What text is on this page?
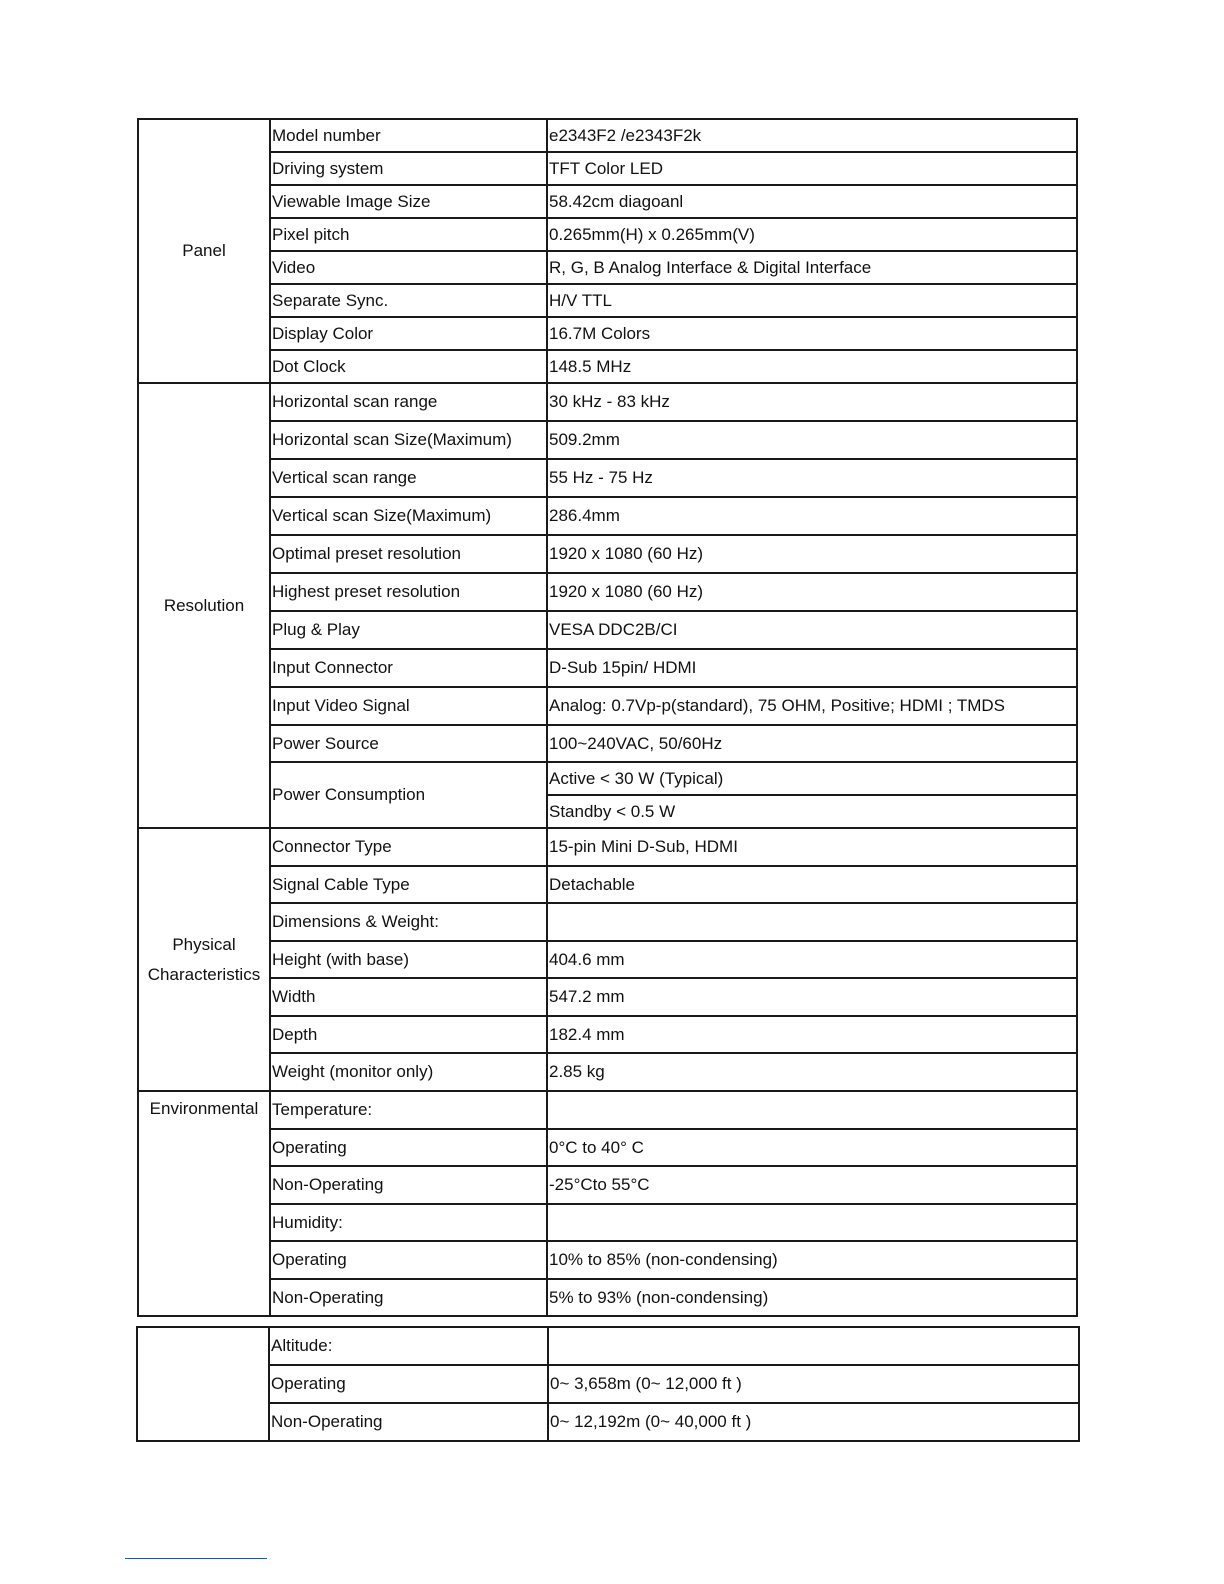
Panel	Model number	e2343F2 /e2343F2k
	Driving system	TFT Color LED
	Viewable Image Size	58.42cm diagoanl
	Pixel pitch	0.265mm(H) x 0.265mm(V)
	Video	R, G, B Analog Interface & Digital Interface
	Separate Sync.	H/V TTL
	Display Color	16.7M Colors
	Dot Clock	148.5 MHz
Resolution	Horizontal scan range	30 kHz - 83 kHz
	Horizontal scan Size(Maximum)	509.2mm
	Vertical scan range	55 Hz - 75 Hz
	Vertical scan Size(Maximum)	286.4mm
	Optimal preset resolution	1920 x 1080 (60 Hz)
	Highest preset resolution	1920 x 1080 (60 Hz)
	Plug & Play	VESA DDC2B/CI
	Input Connector	D-Sub 15pin/ HDMI
	Input Video Signal	Analog: 0.7Vp-p(standard), 75 OHM, Positive; HDMI ; TMDS
	Power Source	100~240VAC, 50/60Hz
	Power Consumption	Active < 30 W (Typical)
		Standby < 0.5 W
Physical
Characteristics	Connector Type	15-pin Mini D-Sub, HDMI
	Signal Cable Type	Detachable
	Dimensions & Weight:	
	Height (with base)	404.6 mm
	Width	547.2 mm
	Depth	182.4 mm
	Weight (monitor only)	2.85 kg
Environmental	Temperature:	
	Operating	0°C to 40° C
	Non-Operating	-25°Cto 55°C
	Humidity:	
	Operating	10% to 85% (non-condensing)
	Non-Operating	5% to 93% (non-condensing)
	Altitude:	
	Operating	0~ 3,658m (0~ 12,000 ft )
	Non-Operating	0~ 12,192m (0~ 40,000 ft )
